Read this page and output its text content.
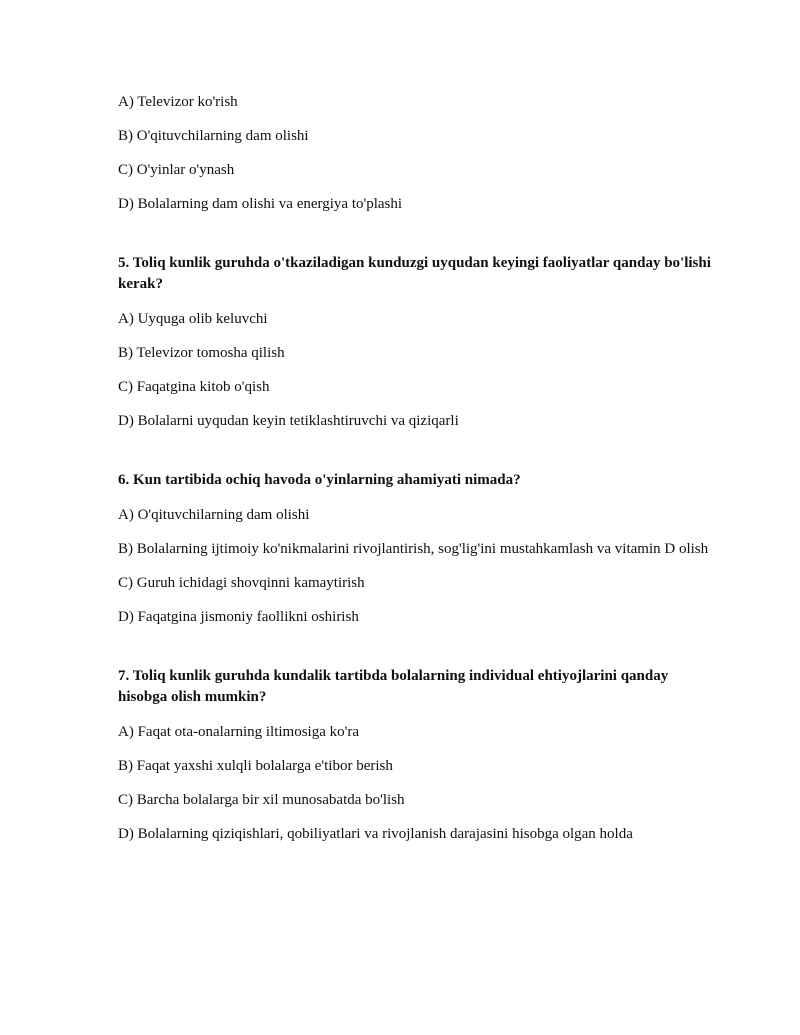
A) Televizor ko'rish

B) O'qituvchilarning dam olishi

C) O'yinlar o'ynash

D) Bolalarning dam olishi va energiya to'plashi

5. Toliq kunlik guruhda o'tkaziladigan kunduzgi uyqudan keyingi faoliyatlar qanday bo'lishi kerak?

A) Uyquga olib keluvchi

B) Televizor tomosha qilish

C) Faqatgina kitob o'qish

D) Bolalarni uyqudan keyin tetiklashtiruvchi va qiziqarli

6. Kun tartibida ochiq havoda o'yinlarning ahamiyati nimada?

A) O'qituvchilarning dam olishi

B) Bolalarning ijtimoiy ko'nikmalarini rivojlantirish, sog'lig'ini mustahkamlash va vitamin D olish

C) Guruh ichidagi shovqinni kamaytirish

D) Faqatgina jismoniy faollikni oshirish

7. Toliq kunlik guruhda kundalik tartibda bolalarning individual ehtiyojlarini qanday hisobga olish mumkin?

A) Faqat ota-onalarning iltimosiga ko'ra

B) Faqat yaxshi xulqli bolalarga e'tibor berish

C) Barcha bolalarga bir xil munosabatda bo'lish

D) Bolalarning qiziqishlari, qobiliyatlari va rivojlanish darajasini hisobga olgan holda
